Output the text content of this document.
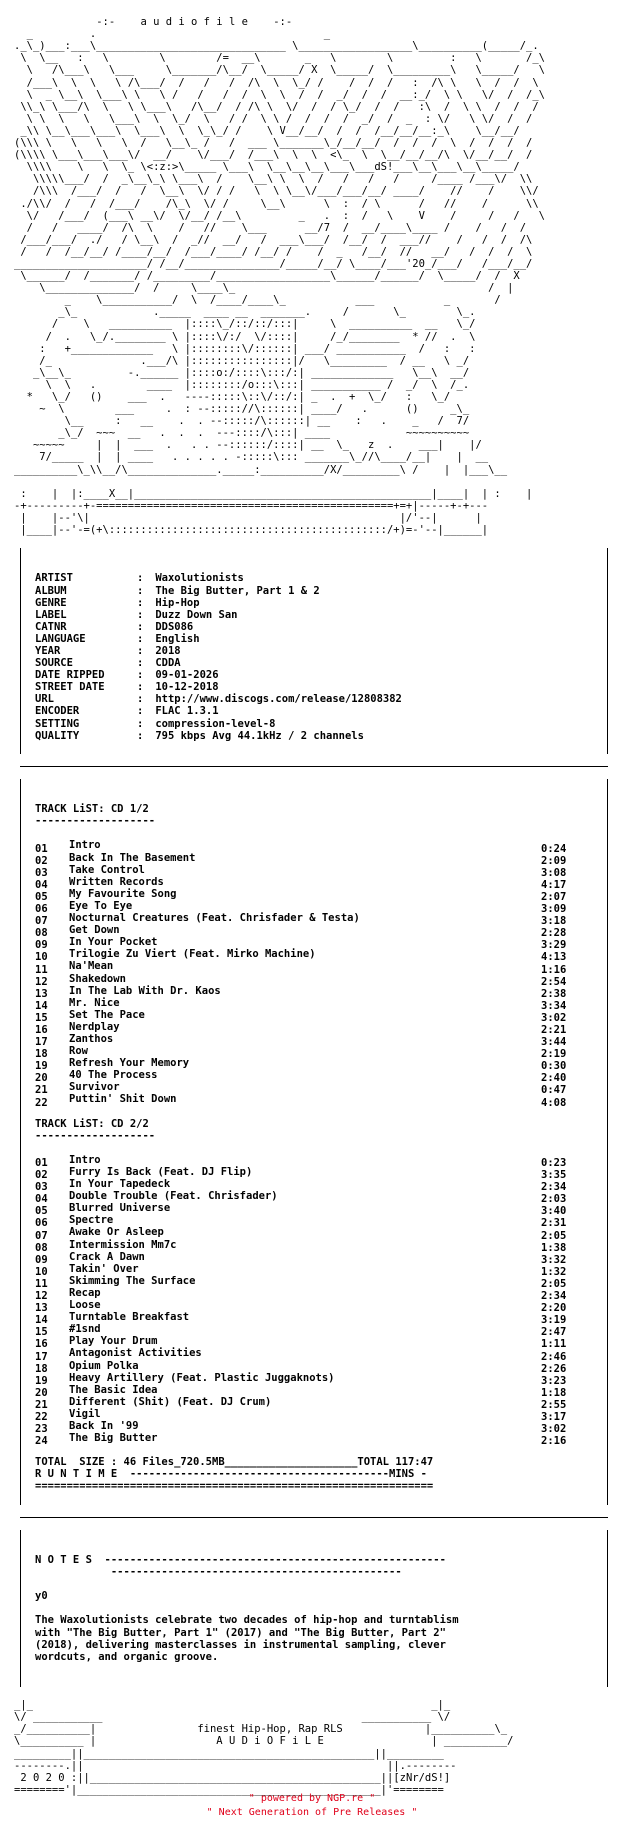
-:-    a u d i o f i l e    -:-
_         .                                    _
._\_)___:___\______________________________ \__________________\__________(_____/_.
\  \__   :   \        \        /=  __\       _   \        \         :   \       /_\
\   /\___\   \___     \_______/\__/  \_____/ X  \_____/  \_________\   \_____/   \
/___\  \  \   \ /\___/  /   /   /  /\  \  \_/ /    /  /  /   :  /\ \   \  /  /  \
\  _ \__\  \___\ \   \ /   /   /  /  \  \  /  /  _/  /  /  __:_/  \ \   \/  /  /_\
\\_\ \___/\  \   \ \___\   /\__/  / /\ \  \/  /  / \_/  /  /   :\  /  \ \  /  /  /
\ \  \   \   \___\  \  \_/  \   / /  \ \ /  /  /  /  _/  /  _  : \/   \ \/  /  /
_\\ \__\___\___\  \___\  \  \_\_/ /    \ V__/__/  /  /  /__/__/__:_\    \__/__/
(\\\ \   \   \   \  /   \__\_ /   /  ___ \_______\_/__/__/  /  /  /  \  /  /  /  /
(\\\\ \___\___\___\/  __/    \/___/  /___\  \  \  <\_  \  \__/__/__/\  \/__/__/  /
\\\\    \   \  \_ \<:z:>\_____ \___\  \__\__\__\___\___dS!___\__\___\__\_____/
\\\\\___/  /  _\__\_\ \___\  /    \__\ \  \  /   /   /   /     /____ /___\/  \\
/\\\  /___/  /   /  \__\  \/ / /   \  \ \__\/___/___/__/ ____/    //    /    \\/
./\\/  /   /  /___/    /\_\  \/ /     \__\      \  :  / \      /   //    /      \\
\/   /___/  (___\ __\/  \/__/ /__\         _   .  :  /   \    V    /     /   /   \
/   /   ____/  /\  \    /   //    \___      __/7  /  __/____\____ /    /   /  /
/___/___/  ./   / \__\  /  _//  __/   /  ___\___/  /__/  /  ___//    /   /  /  /\
/   /  /__/__/ /____/__/  /___/____/ /__/ /    /  _   /__/  //   __/   /  /  /  \
_____________________/ /__/_______________/_____/__/ \____/___'20_/___/   /___/__/
\______/  /_______/ /_________/__________________\______/______/  \_____/  /  X
\______________/  /     \____\_                                        /  |
_    \___________/  \  /____/____\_           ___           _       /
_\_            ._____  ____ __  _______.     /       \_        \_.
/    \   __________  |::::\_/::/::/:::|     \  __________  __   \_/
/  .   \_/.________ \ |::::\/:/  \/::::|     /_/________  * //  .  \
:   +_____________   \ |::::::::\/::::::| ___/ ___________  /   :   :
/_              .___/\ |::::::::::::::::|/   \_________  / __   \ _/
_\__\_         -.______ |::::o:/::::\:::/:| _____________   \__\  __/
\  \   .        ____  |::::::::/o:::\:::| ___________ /  _/  \  /_.
*   \_/   ()    ___  .   ----:::::\::\/::/:| _  .  +  \_/   :   \_/
~  \        ___     .  : --::::://\::::::| ____/   .      ()     _\_
\__     :   __    .  . --:::::/\::::::| __    :   .    _   /  7/
_\_/  ~~~  __   .  .  .  ---::::/\:::| ____            ~~~~~~~~~~
~~~~~     |  |  ___  .   . . --::::::/::::| __  \_   z  .    ___|    |/
7/_____  |  | ____   . . . . . -:::::\::: _______\_//\____/__|    |  __
__________\_\\__/\______________._____:__________/X/_________\ /    |  |___\__

:    |  |:____X__|_______________________________________________|____|  | :    |
-+---------+-===============================================+=+|-----+-+---
|    |--'\|                                                 |/'--|      |
|____|--'-=(+\::::::::::::::::::::::::::::::::::::::::::::/+)=-'--|______|

ARTIST	: Waxolutionists
ALBUM	: The Big Butter, Part 1 & 2
GENRE	: Hip-Hop
LABEL	: Duzz Down San
CATNR	: DDS086
LANGUAGE	: English
YEAR	: 2018
SOURCE	: CDDA
DATE RIPPED	: 09-01-2026
STREET DATE	: 10-12-2018
URL	: http://www.discogs.com/release/12808382
ENCODER	: FLAC 1.3.1
SETTING	: compression-level-8
QUALITY	: 795 kbps Avg 44.1kHz / 2 channels

TRACK LiST: CD 1/2
-------------------
01 Intro	0:24
02 Back In The Basement	2:09
03 Take Control	3:08
04 Written Records	4:17
05 My Favourite Song	2:07
06 Eye To Eye	3:09
07 Nocturnal Creatures (Feat. Chrisfader & Testa)	3:18
08 Get Down	2:28
09 In Your Pocket	3:29
10 Trilogie Zu Viert (Feat. Mirko Machine)	4:13
11 Na'Mean	1:16
12 Shakedown	2:54
13 In The Lab With Dr. Kaos	2:38
14 Mr. Nice	3:34
15 Set The Pace	3:02
16 Nerdplay	2:21
17 Zanthos	3:44
18 Row	2:19
19 Refresh Your Memory	0:30
20 40 The Process	2:40
21 Survivor	0:47
22 Puttin' Shit Down	4:08
TRACK LiST: CD 2/2
-------------------
01 Intro	0:23
02 Furry Is Back (Feat. DJ Flip)	3:35
03 In Your Tapedeck	2:34
04 Double Trouble (Feat. Chrisfader)	2:03
05 Blurred Universe	3:40
06 Spectre	2:31
07 Awake Or Asleep	2:05
08 Intermission Mm7c	1:38
09 Crack A Dawn	3:32
10 Takin' Over	1:32
11 Skimming The Surface	2:05
12 Recap	2:34
13 Loose	2:20
14 Turntable Breakfast	3:19
15 #1snd	2:47
16 Play Your Drum	1:11
17 Antagonist Activities	2:46
18 Opium Polka	2:26
19 Heavy Artillery (Feat. Plastic Juggaknots)	3:23
20 The Basic Idea	1:18
21 Different (Shit) (Feat. DJ Crum)	2:55
22 Vigil	3:17
23 Back In '99	3:02
24 The Big Butter	2:16
TOTAL  SIZE : 46 Files_720.5MB_____________________TOTAL 117:47
R U N T I M E  -----------------------------------------MINS -
===============================================================

N O T E S  ------------------------------------------------------
----------------------------------------------
y0
The Waxolutionists celebrate two decades of hip-hop and turntablism
with "The Big Butter, Part 1" (2017) and "The Big Butter, Part 2"
(2018), delivering masterclasses in instrumental sampling, clever
wordcuts, and organic groove.

_|_                                                               _|_
\/ ___________                                         ___________ \/
_/__________|                finest Hip-Hop, Rap RLS             |__________\_
\__________ |                   A U D i O F i L E                 | __________/
_________||______________________________________________||_________
--------.||                                                ||.--------
2 0 2 0 :||______________________________________________||[zNr/dS!]
========'|________________________________________________|'========

" powered by NGP.re "
" Next Generation of Pre Releases "
